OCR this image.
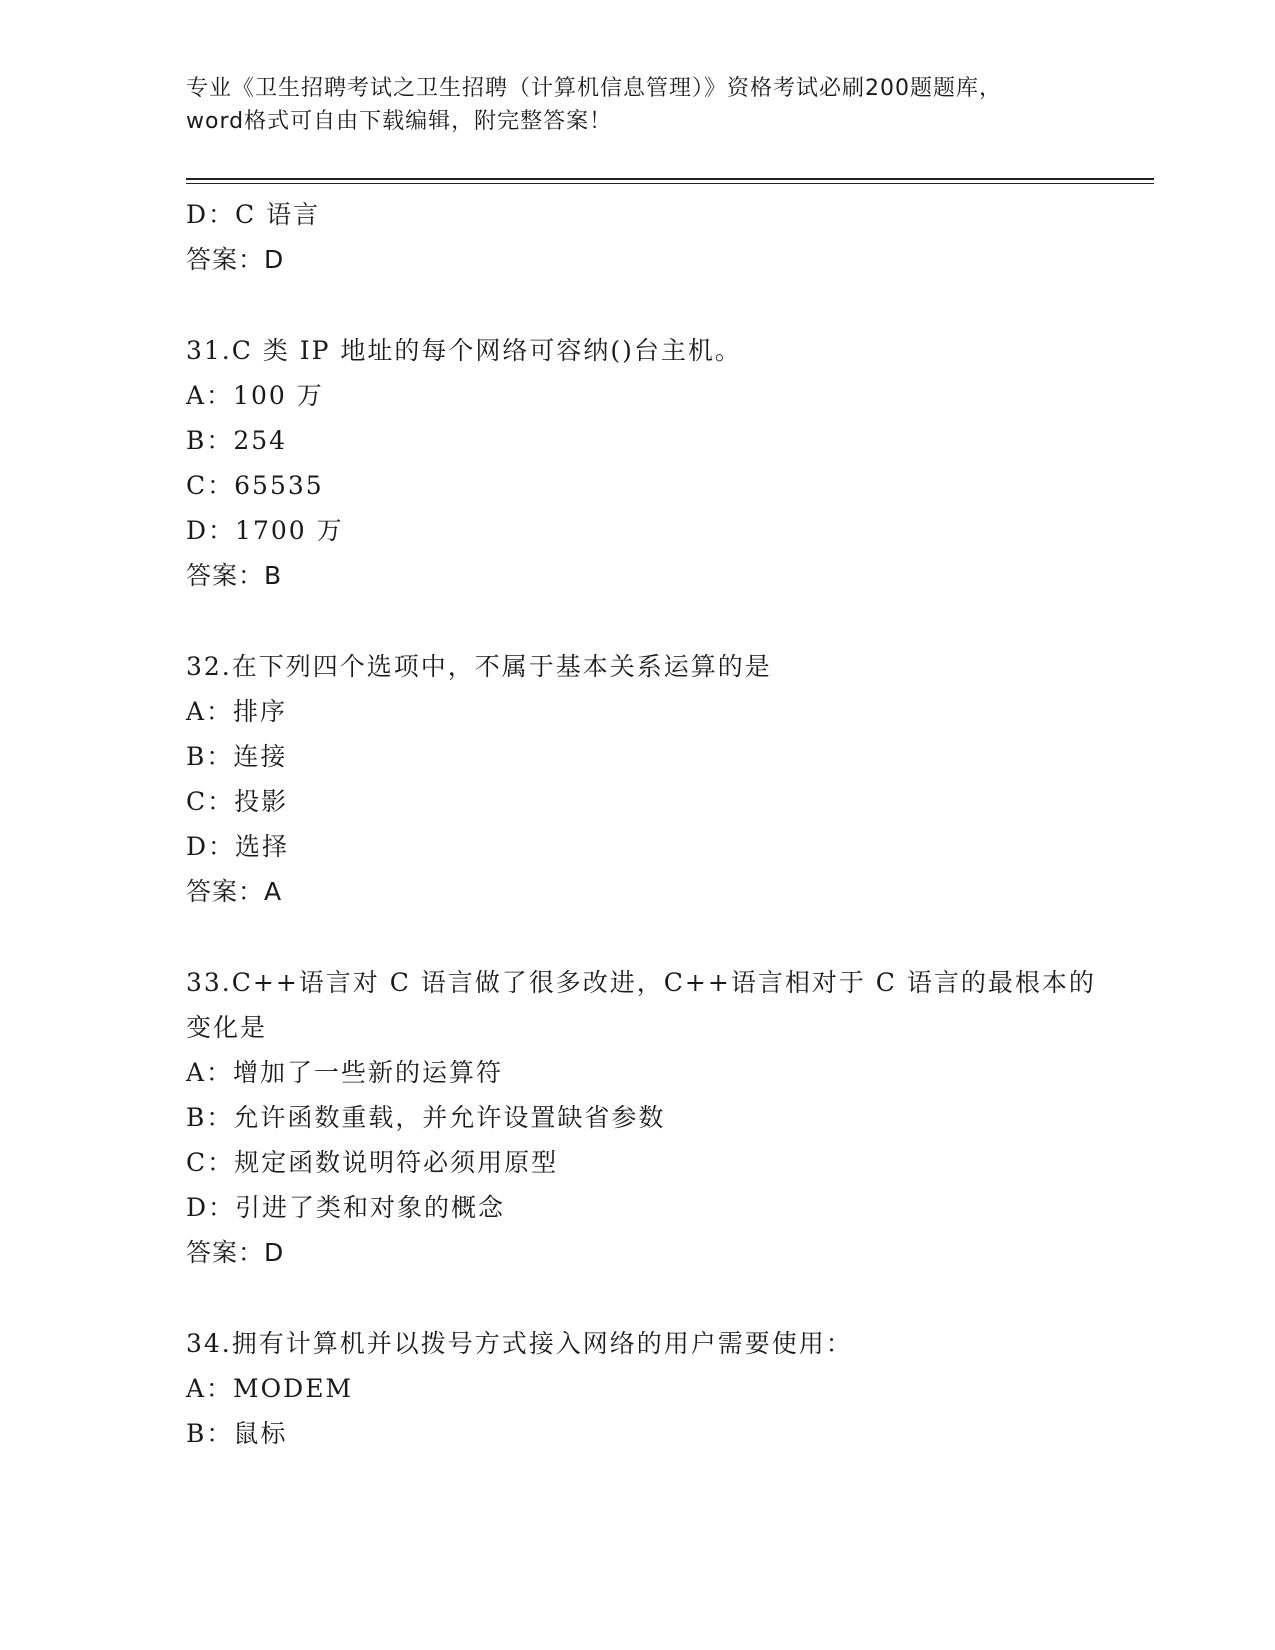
专业《卫生招聘考试之卫生招聘（计算机信息管理）》资格考试必刷200题题库，
word格式可自由下载编辑，附完整答案！
D：C 语言
答案：D
31.C 类 IP 地址的每个网络可容纳()台主机。
A：100 万
B：254
C：65535
D：1700 万
答案：B
32.在下列四个选项中，不属于基本关系运算的是
A：排序
B：连接
C：投影
D：选择
答案：A
33.C++语言对 C 语言做了很多改进，C++语言相对于 C 语言的最根本的
变化是
A：增加了一些新的运算符
B：允许函数重载，并允许设置缺省参数
C：规定函数说明符必须用原型
D：引进了类和对象的概念
答案：D
34.拥有计算机并以拨号方式接入网络的用户需要使用：
A：MODEM
B：鼠标
